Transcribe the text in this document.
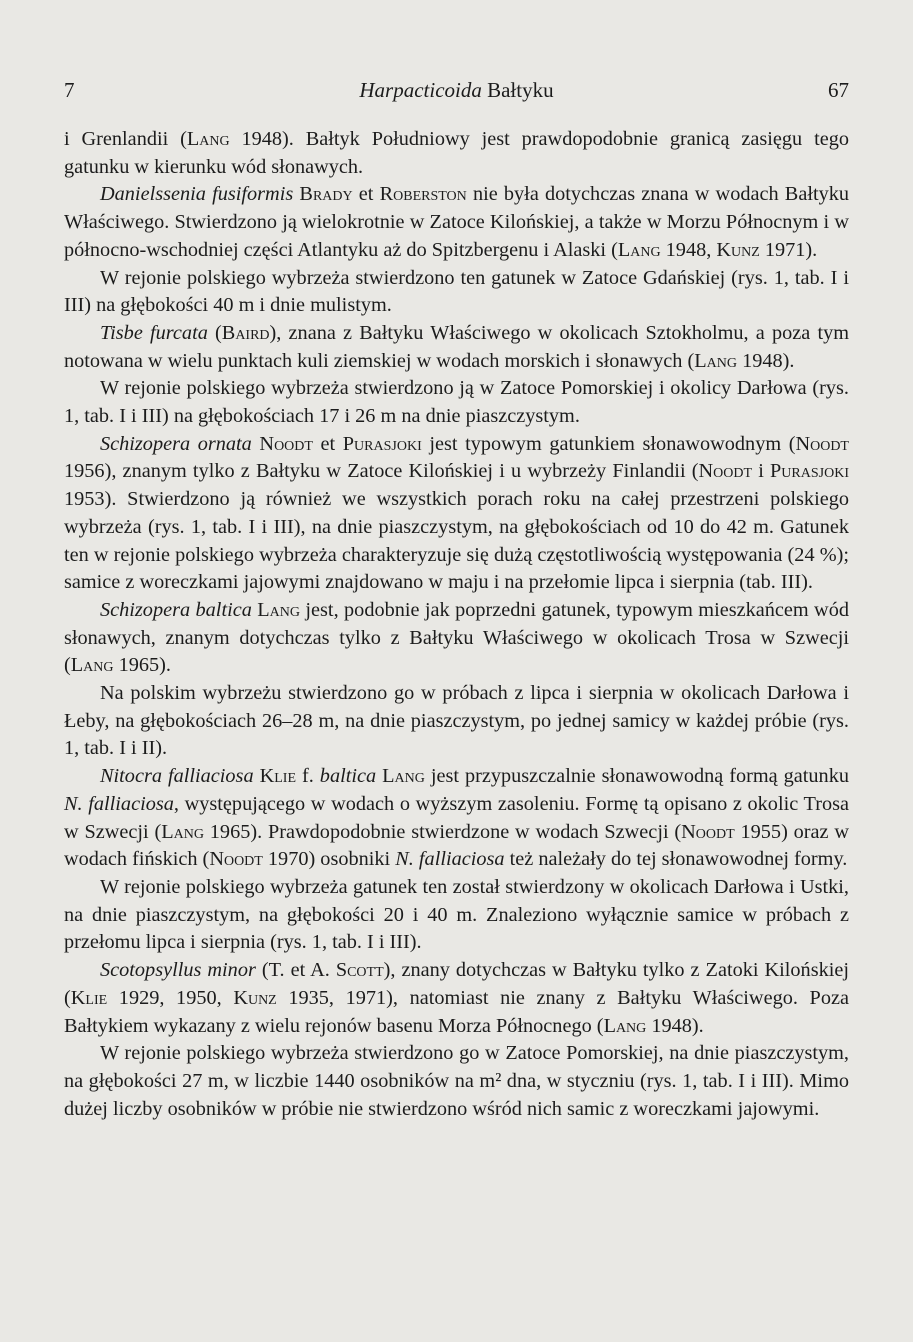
7	Harpacticoida Bałtyku	67

i Grenlandii (Lang 1948). Bałtyk Południowy jest prawdopodobnie granicą zasięgu tego gatunku w kierunku wód słonawych.

Danielssenia fusiformis Brady et Roberston nie była dotychczas znana w wodach Bałtyku Właściwego. Stwierdzono ją wielokrotnie w Zatoce Kilońskiej, a także w Morzu Północnym i w północno-wschodniej części Atlantyku aż do Spitzbergenu i Alaski (Lang 1948, Kunz 1971).

W rejonie polskiego wybrzeża stwierdzono ten gatunek w Zatoce Gdańskiej (rys. 1, tab. I i III) na głębokości 40 m i dnie mulistym.

Tisbe furcata (Baird), znana z Bałtyku Właściwego w okolicach Sztokholmu, a poza tym notowana w wielu punktach kuli ziemskiej w wodach morskich i słonawych (Lang 1948).

W rejonie polskiego wybrzeża stwierdzono ją w Zatoce Pomorskiej i okolicy Darłowa (rys. 1, tab. I i III) na głębokościach 17 i 26 m na dnie piaszczystym.

Schizopera ornata Noodt et Purasjoki jest typowym gatunkiem słonawowodnym (Noodt 1956), znanym tylko z Bałtyku w Zatoce Kilońskiej i u wybrzeży Finlandii (Noodt i Purasjoki 1953). Stwierdzono ją również we wszystkich porach roku na całej przestrzeni polskiego wybrzeża (rys. 1, tab. I i III), na dnie piaszczystym, na głębokościach od 10 do 42 m. Gatunek ten w rejonie polskiego wybrzeża charakteryzuje się dużą częstotliwością występowania (24 %); samice z woreczkami jajowymi znajdowano w maju i na przełomie lipca i sierpnia (tab. III).

Schizopera baltica Lang jest, podobnie jak poprzedni gatunek, typowym mieszkańcem wód słonawych, znanym dotychczas tylko z Bałtyku Właściwego w okolicach Trosa w Szwecji (Lang 1965).

Na polskim wybrzeżu stwierdzono go w próbach z lipca i sierpnia w okolicach Darłowa i Łeby, na głębokościach 26–28 m, na dnie piaszczystym, po jednej samicy w każdej próbie (rys. 1, tab. I i II).

Nitocra falliaciosa Klie f. baltica Lang jest przypuszczalnie słonawowodną formą gatunku N. falliaciosa, występującego w wodach o wyższym zasoleniu. Formę tą opisano z okolic Trosa w Szwecji (Lang 1965). Prawdopodobnie stwierdzone w wodach Szwecji (Noodt 1955) oraz w wodach fińskich (Noodt 1970) osobniki N. falliaciosa też należały do tej słonawowodnej formy.

W rejonie polskiego wybrzeża gatunek ten został stwierdzony w okolicach Darłowa i Ustki, na dnie piaszczystym, na głębokości 20 i 40 m. Znaleziono wyłącznie samice w próbach z przełomu lipca i sierpnia (rys. 1, tab. I i III).

Scotopsyllus minor (T. et A. Scott), znany dotychczas w Bałtyku tylko z Zatoki Kilońskiej (Klie 1929, 1950, Kunz 1935, 1971), natomiast nie znany z Bałtyku Właściwego. Poza Bałtykiem wykazany z wielu rejonów basenu Morza Północnego (Lang 1948).

W rejonie polskiego wybrzeża stwierdzono go w Zatoce Pomorskiej, na dnie piaszczystym, na głębokości 27 m, w liczbie 1440 osobników na m² dna, w styczniu (rys. 1, tab. I i III). Mimo dużej liczby osobników w próbie nie stwierdzono wśród nich samic z woreczkami jajowymi.
